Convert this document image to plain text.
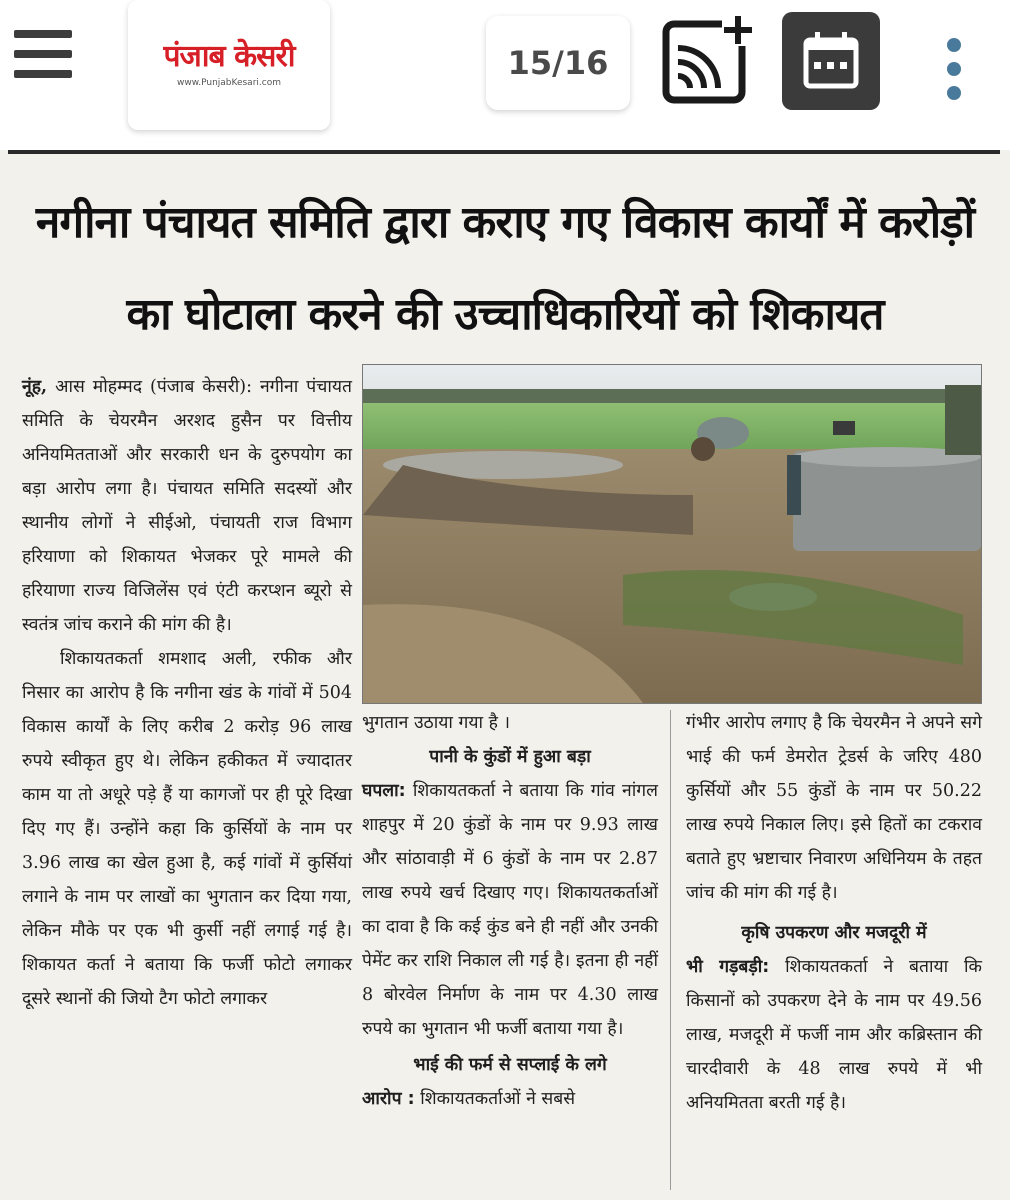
पंजाब केसरी
www.PunjabKesari.com
15/16
नगीना पंचायत समिति द्वारा कराए गए विकास कार्यों में करोड़ों
का घोटाला करने की उच्चाधिकारियों को शिकायत

नूंह, आस मोहम्मद (पंजाब केसरी): नगीना पंचायत समिति के चेयरमैन अरशद हुसैन पर वित्तीय अनियमितताओं और सरकारी धन के दुरुपयोग का बड़ा आरोप लगा है। पंचायत समिति सदस्यों और स्थानीय लोगों ने सीईओ, पंचायती राज विभाग हरियाणा को शिकायत भेजकर पूरे मामले की हरियाणा राज्य विजिलेंस एवं एंटी करप्शन ब्यूरो से स्वतंत्र जांच कराने की मांग की है।

शिकायतकर्ता शमशाद अली, रफीक और निसार का आरोप है कि नगीना खंड के गांवों में 504 विकास कार्यों के लिए करीब 2 करोड़ 96 लाख रुपये स्वीकृत हुए थे। लेकिन हकीकत में ज्यादातर काम या तो अधूरे पड़े हैं या कागजों पर ही पूरे दिखा दिए गए हैं। उन्होंने कहा कि कुर्सियों के नाम पर 3.96 लाख का खेल हुआ है, कई गांवों में कुर्सियां लगाने के नाम पर लाखों का भुगतान कर दिया गया, लेकिन मौके पर एक भी कुर्सी नहीं लगाई गई है। शिकायत कर्ता ने बताया कि फर्जी फोटो लगाकर दूसरे स्थानों की जियो टैग फोटो लगाकर

भुगतान उठाया गया है ।

पानी के कुंडों में हुआ बड़ा

घपला: शिकायतकर्ता ने बताया कि गांव नांगल शाहपुर में 20 कुंडों के नाम पर 9.93 लाख और सांठावाड़ी में 6 कुंडों के नाम पर 2.87 लाख रुपये खर्च दिखाए गए। शिकायतकर्ताओं का दावा है कि कई कुंड बने ही नहीं और उनकी पेमेंट कर राशि निकाल ली गई है। इतना ही नहीं 8 बोरवेल निर्माण के नाम पर 4.30 लाख रुपये का भुगतान भी फर्जी बताया गया है।

भाई की फर्म से सप्लाई के लगे

आरोप : शिकायतकर्ताओं ने सबसे

गंभीर आरोप लगाए है कि चेयरमैन ने अपने सगे भाई की फर्म डेमरोत ट्रेडर्स के जरिए 480 कुर्सियों और 55 कुंडों के नाम पर 50.22 लाख रुपये निकाल लिए। इसे हितों का टकराव बताते हुए भ्रष्टाचार निवारण अधिनियम के तहत जांच की मांग की गई है।

कृषि उपकरण और मजदूरी में

भी गड़बड़ी: शिकायतकर्ता ने बताया कि किसानों को उपकरण देने के नाम पर 49.56 लाख, मजदूरी में फर्जी नाम और कब्रिस्तान की चारदीवारी के 48 लाख रुपये में भी अनियमितता बरती गई है।
